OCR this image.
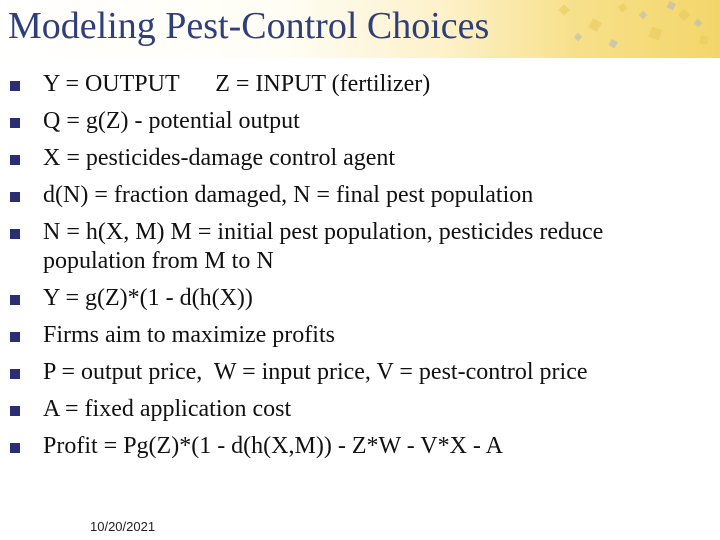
Modeling Pest-Control Choices
Y = OUTPUT      Z = INPUT (fertilizer)
Q = g(Z) - potential output
X = pesticides-damage control agent
d(N) = fraction damaged, N = final pest population
N = h(X, M) M = initial pest population, pesticides reduce population from M to N
Y = g(Z)*(1 - d(h(X))
Firms aim to maximize profits
P = output price,  W = input price, V = pest-control price
A = fixed application cost
Profit = Pg(Z)*(1 - d(h(X,M)) - Z*W - V*X - A
10/20/2021
